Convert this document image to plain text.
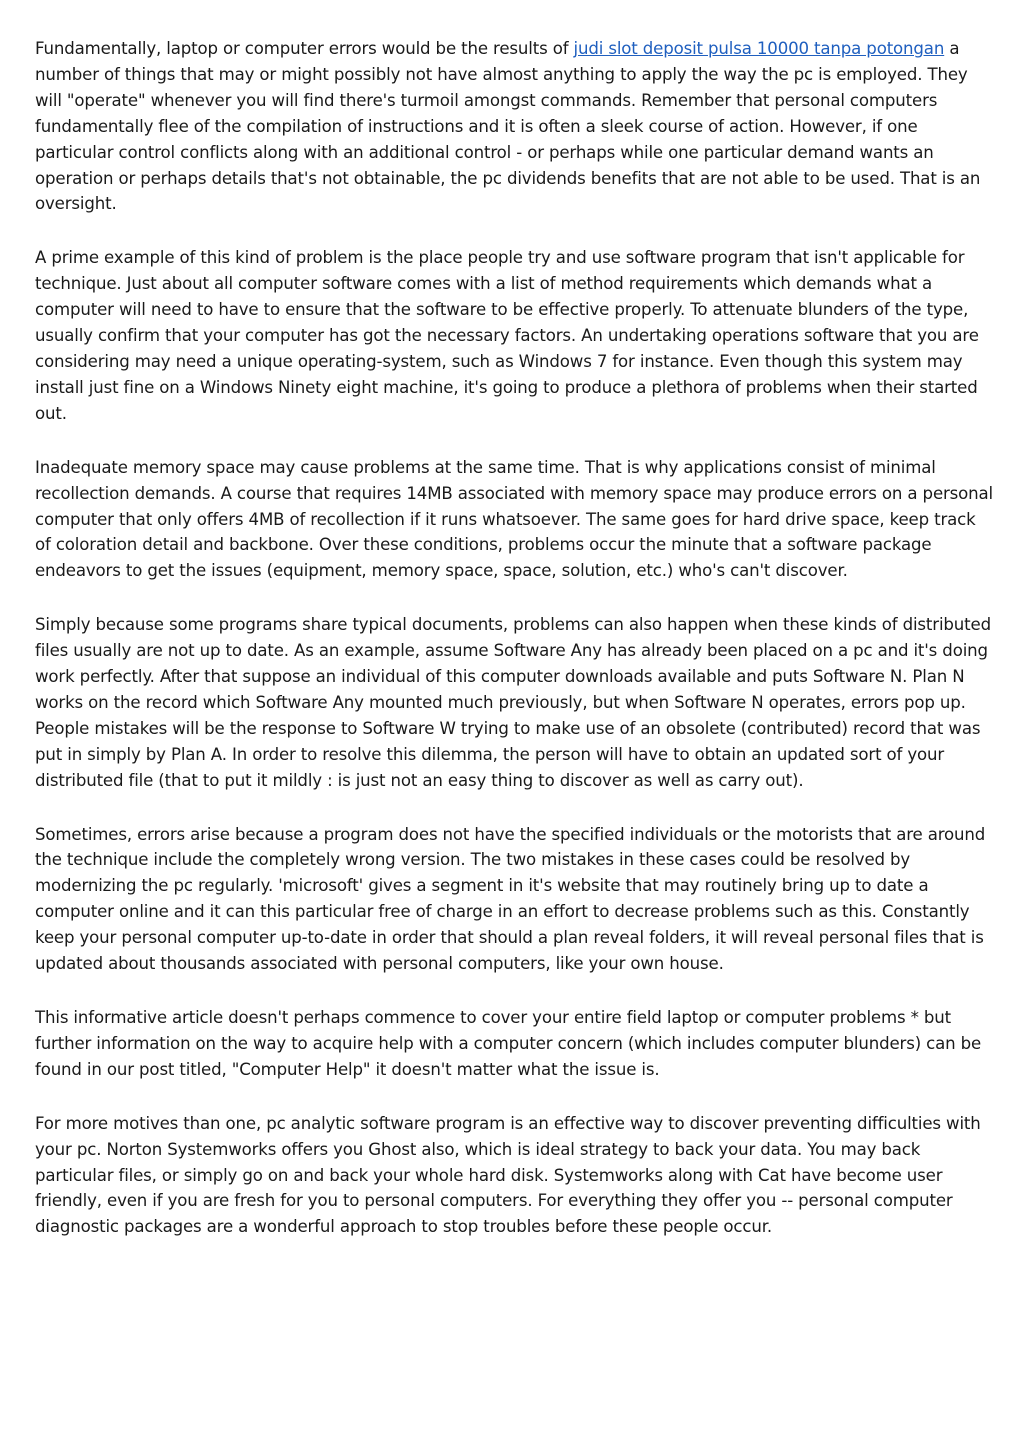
Fundamentally, laptop or computer errors would be the results of judi slot deposit pulsa 10000 tanpa potongan a number of things that may or might possibly not have almost anything to apply the way the pc is employed. They will "operate" whenever you will find there's turmoil amongst commands. Remember that personal computers fundamentally flee of the compilation of instructions and it is often a sleek course of action. However, if one particular control conflicts along with an additional control - or perhaps while one particular demand wants an operation or perhaps details that's not obtainable, the pc dividends benefits that are not able to be used. That is an oversight.

A prime example of this kind of problem is the place people try and use software program that isn't applicable for technique. Just about all computer software comes with a list of method requirements which demands what a computer will need to have to ensure that the software to be effective properly. To attenuate blunders of the type, usually confirm that your computer has got the necessary factors. An undertaking operations software that you are considering may need a unique operating-system, such as Windows 7 for instance. Even though this system may install just fine on a Windows Ninety eight machine, it's going to produce a plethora of problems when their started out.

Inadequate memory space may cause problems at the same time. That is why applications consist of minimal recollection demands. A course that requires 14MB associated with memory space may produce errors on a personal computer that only offers 4MB of recollection if it runs whatsoever. The same goes for hard drive space, keep track of coloration detail and backbone. Over these conditions, problems occur the minute that a software package endeavors to get the issues (equipment, memory space, space, solution, etc.) who's can't discover.

Simply because some programs share typical documents, problems can also happen when these kinds of distributed files usually are not up to date. As an example, assume Software Any has already been placed on a pc and it's doing work perfectly. After that suppose an individual of this computer downloads available and puts Software N. Plan N works on the record which Software Any mounted much previously, but when Software N operates, errors pop up. People mistakes will be the response to Software W trying to make use of an obsolete (contributed) record that was put in simply by Plan A. In order to resolve this dilemma, the person will have to obtain an updated sort of your distributed file (that to put it mildly : is just not an easy thing to discover as well as carry out).

Sometimes, errors arise because a program does not have the specified individuals or the motorists that are around the technique include the completely wrong version. The two mistakes in these cases could be resolved by modernizing the pc regularly. 'microsoft' gives a segment in it's website that may routinely bring up to date a computer online and it can this particular free of charge in an effort to decrease problems such as this. Constantly keep your personal computer up-to-date in order that should a plan reveal folders, it will reveal personal files that is updated about thousands associated with personal computers, like your own house.

This informative article doesn't perhaps commence to cover your entire field laptop or computer problems * but further information on the way to acquire help with a computer concern (which includes computer blunders) can be found in our post titled, "Computer Help" it doesn't matter what the issue is.

For more motives than one, pc analytic software program is an effective way to discover preventing difficulties with your pc. Norton Systemworks offers you Ghost also, which is ideal strategy to back your data. You may back particular files, or simply go on and back your whole hard disk. Systemworks along with Cat have become user friendly, even if you are fresh for you to personal computers. For everything they offer you -- personal computer diagnostic packages are a wonderful approach to stop troubles before these people occur.
